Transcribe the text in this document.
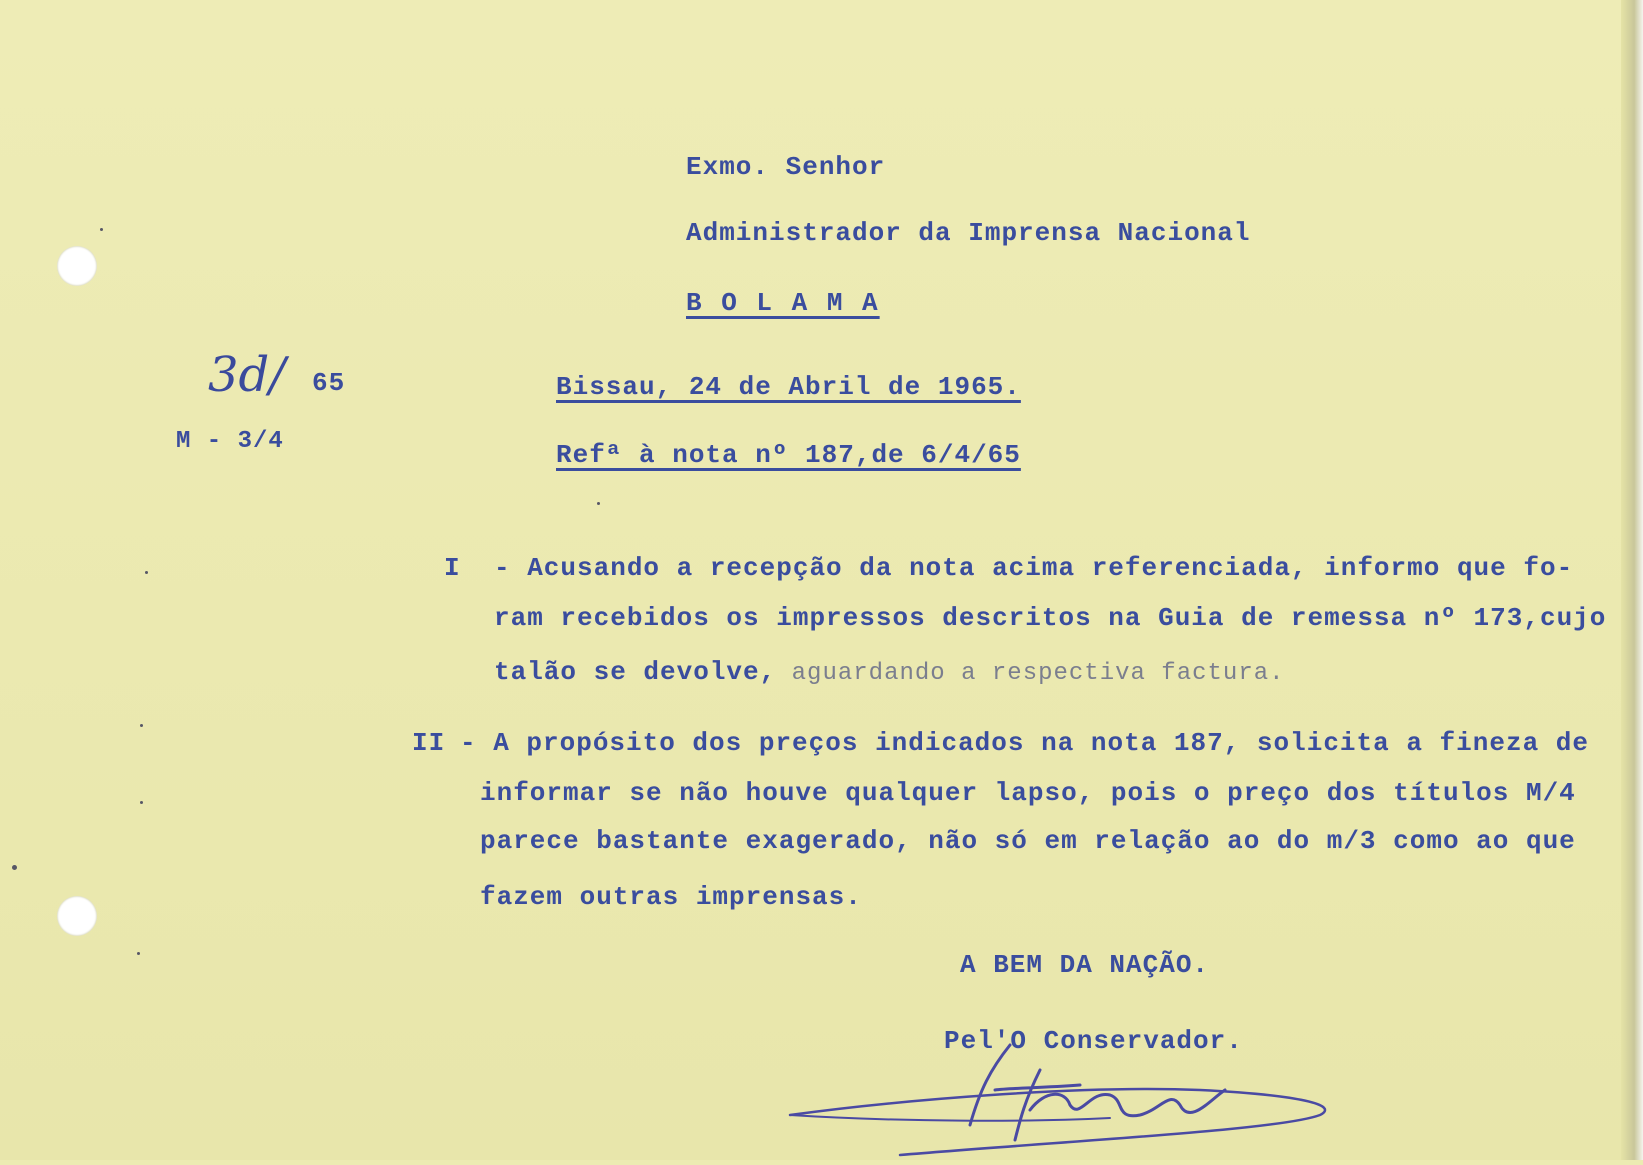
Exmo. Senhor
Administrador da Imprensa Nacional
B O L A M A
3d/ 65
M - 3/4
Bissau, 24 de Abril de 1965.
Refª à nota nº 187,de 6/4/65
I - Acusando a recepção da nota acima referenciada, informo que fo-
ram recebidos os impressos descritos na Guia de remessa nº 173,cujo
talão se devolve, aguardando a respectiva factura.
II - A propósito dos preços indicados na nota 187, solicita a fineza de
informar se não houve qualquer lapso, pois o preço dos títulos M/4
parece bastante exagerado, não só em relação ao do m/3 como ao que
fazem outras imprensas.
A BEM DA NAÇÃO.
Pel'O Conservador.
